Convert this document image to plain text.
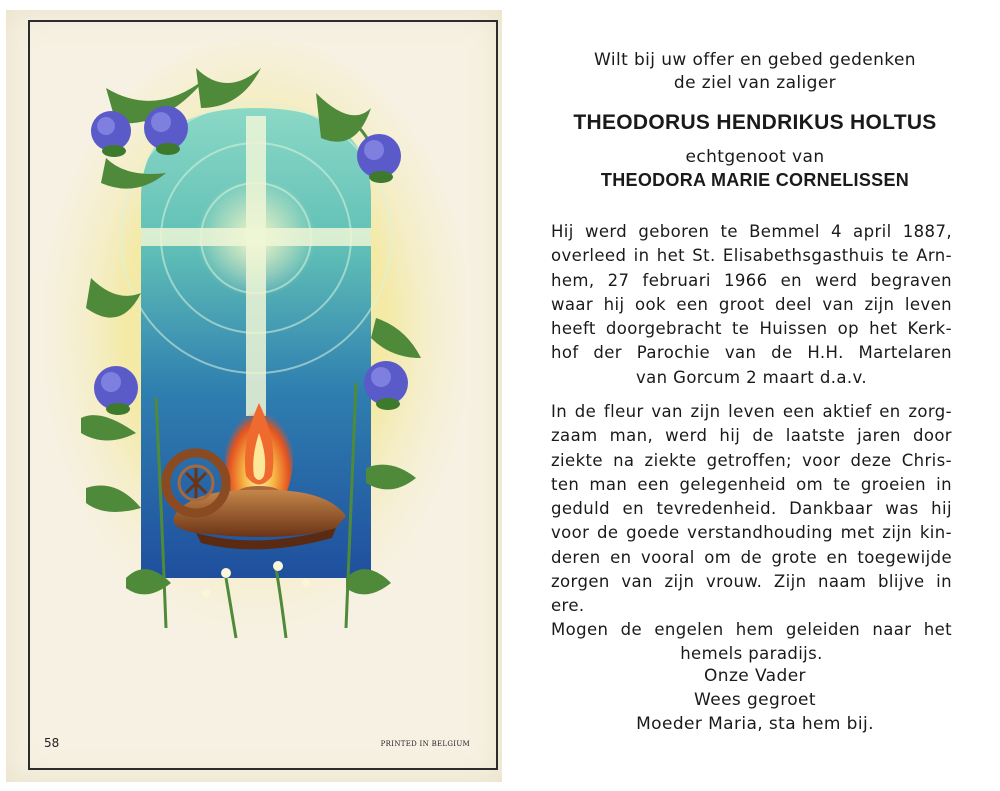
58	PRINTED IN BELGIUM
Wilt bij uw offer en gebed gedenken
de ziel van zaliger
THEODORUS HENDRIKUS HOLTUS
echtgenoot van
THEODORA MARIE CORNELISSEN
Hij werd geboren te Bemmel 4 april 1887,
overleed in het St. Elisabethsgasthuis te Arn-
hem, 27 februari 1966 en werd begraven
waar hij ook een groot deel van zijn leven
heeft doorgebracht te Huissen op het Kerk-
hof der Parochie van de H.H. Martelaren
van Gorcum 2 maart d.a.v.
In de fleur van zijn leven een aktief en zorg-
zaam man, werd hij de laatste jaren door
ziekte na ziekte getroffen; voor deze Chris-
ten man een gelegenheid om te groeien in
geduld en tevredenheid. Dankbaar was hij
voor de goede verstandhouding met zijn kin-
deren en vooral om de grote en toegewijde
zorgen van zijn vrouw. Zijn naam blijve in
ere.
Mogen de engelen hem geleiden naar het
hemels paradijs.
Onze Vader
Wees gegroet
Moeder Maria, sta hem bij.
